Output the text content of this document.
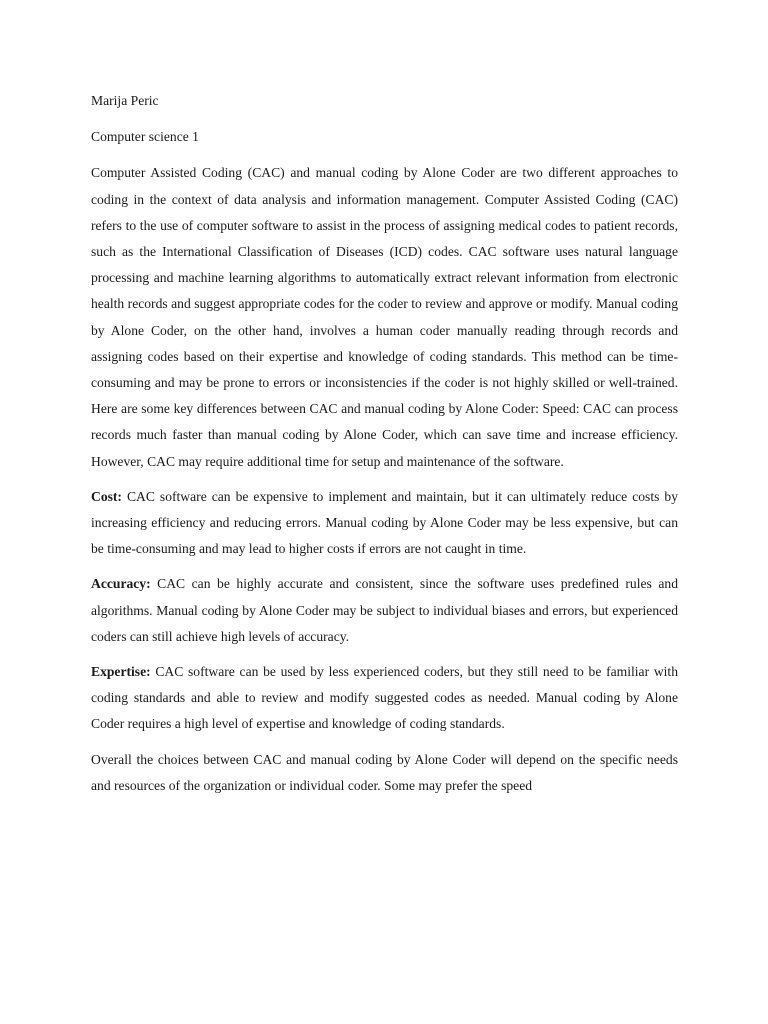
Marija Peric
Computer science 1

Computer Assisted Coding (CAC) and manual coding by Alone Coder are two different approaches to coding in the context of data analysis and information management. Computer Assisted Coding (CAC) refers to the use of computer software to assist in the process of assigning medical codes to patient records, such as the International Classification of Diseases (ICD) codes. CAC software uses natural language processing and machine learning algorithms to automatically extract relevant information from electronic health records and suggest appropriate codes for the coder to review and approve or modify. Manual coding by Alone Coder, on the other hand, involves a human coder manually reading through records and assigning codes based on their expertise and knowledge of coding standards. This method can be time-consuming and may be prone to errors or inconsistencies if the coder is not highly skilled or well-trained. Here are some key differences between CAC and manual coding by Alone Coder: Speed: CAC can process records much faster than manual coding by Alone Coder, which can save time and increase efficiency. However, CAC may require additional time for setup and maintenance of the software.

Cost: CAC software can be expensive to implement and maintain, but it can ultimately reduce costs by increasing efficiency and reducing errors. Manual coding by Alone Coder may be less expensive, but can be time-consuming and may lead to higher costs if errors are not caught in time.

Accuracy: CAC can be highly accurate and consistent, since the software uses predefined rules and algorithms. Manual coding by Alone Coder may be subject to individual biases and errors, but experienced coders can still achieve high levels of accuracy.

Expertise: CAC software can be used by less experienced coders, but they still need to be familiar with coding standards and able to review and modify suggested codes as needed. Manual coding by Alone Coder requires a high level of expertise and knowledge of coding standards.

Overall the choices between CAC and manual coding by Alone Coder will depend on the specific needs and resources of the organization or individual coder. Some may prefer the speed
